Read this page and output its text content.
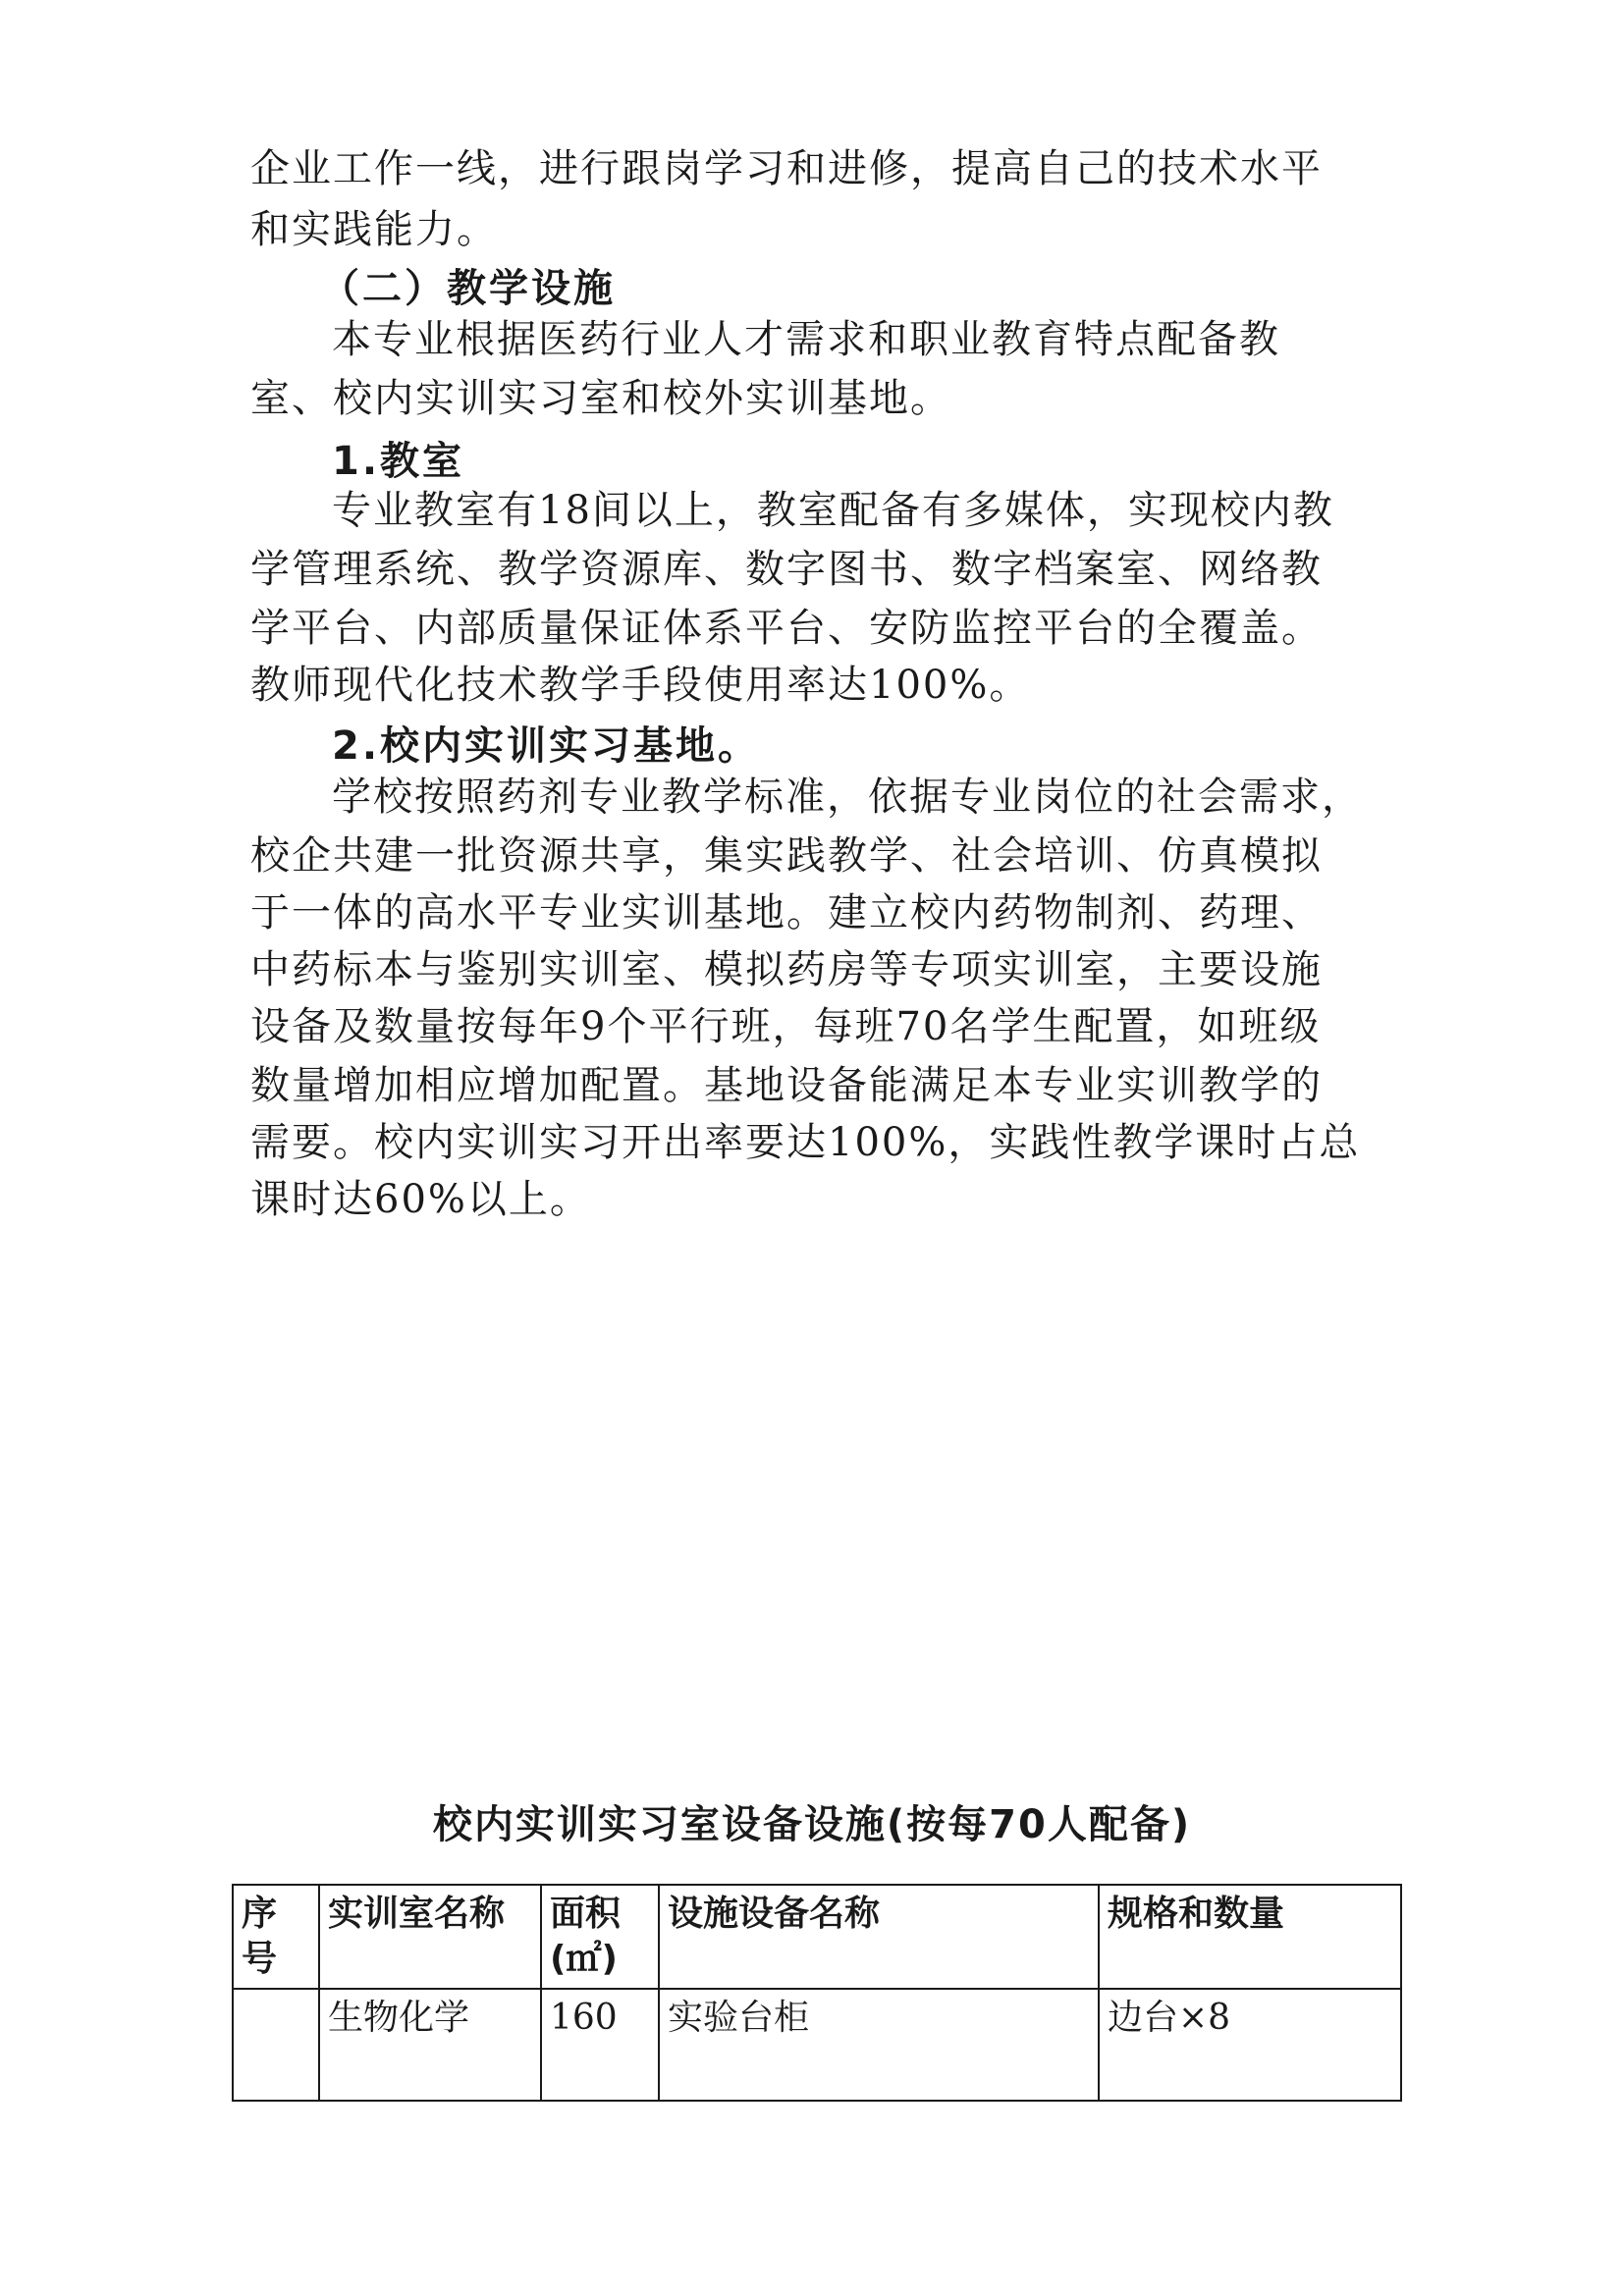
企业工作一线，进行跟岗学习和进修，提高自己的技术水平
和实践能力。
（二）教学设施
本专业根据医药行业人才需求和职业教育特点配备教
室、校内实训实习室和校外实训基地。
1.教室
专业教室有18间以上，教室配备有多媒体，实现校内教
学管理系统、教学资源库、数字图书、数字档案室、网络教
学平台、内部质量保证体系平台、安防监控平台的全覆盖。
教师现代化技术教学手段使用率达100%。
2.校内实训实习基地。
学校按照药剂专业教学标准，依据专业岗位的社会需求，
校企共建一批资源共享，集实践教学、社会培训、仿真模拟
于一体的高水平专业实训基地。建立校内药物制剂、药理、
中药标本与鉴别实训室、模拟药房等专项实训室，主要设施
设备及数量按每年9个平行班，每班70名学生配置，如班级
数量增加相应增加配置。基地设备能满足本专业实训教学的
需要。校内实训实习开出率要达100%，实践性教学课时占总
课时达60%以上。
校内实训实习室设备设施(按每70人配备)
序号	实训室名称	面积(㎡)	设施设备名称	规格和数量
	生物化学	160	实验台柜	边台×8
